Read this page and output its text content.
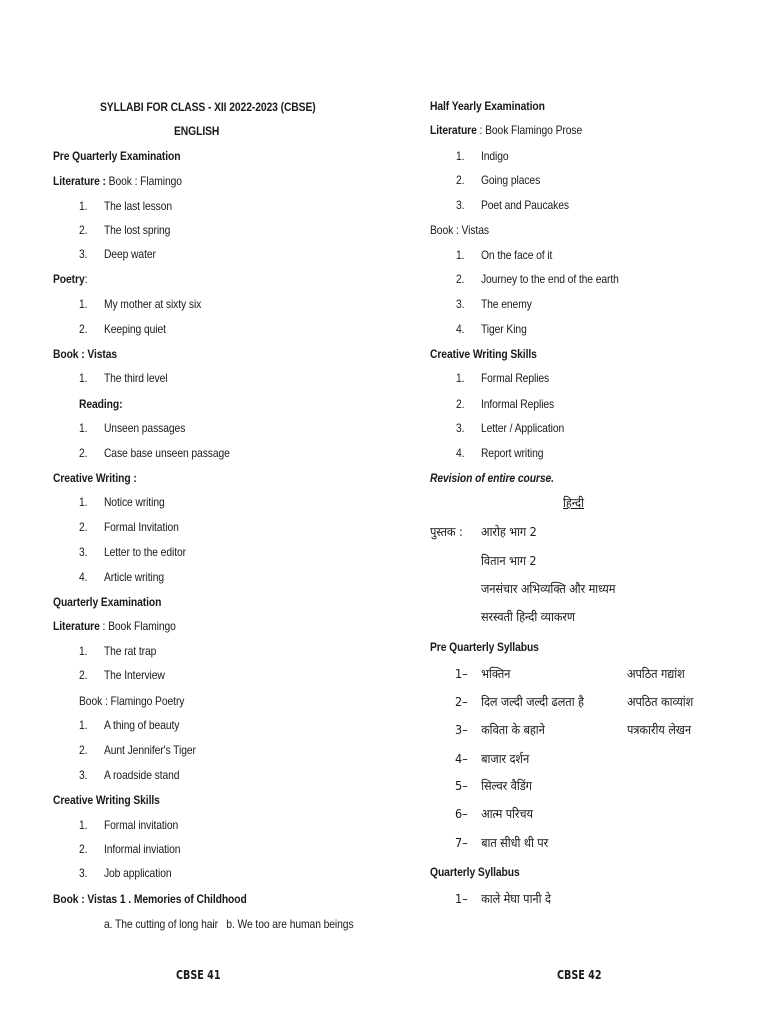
SYLLABI FOR CLASS - XII 2022-2023 (CBSE)
ENGLISH
Pre Quarterly Examination
Literature : Book : Flamingo
1. The last lesson
2. The lost spring
3. Deep water
Poetry:
1. My mother at sixty six
2. Keeping quiet
Book : Vistas
1. The third level
Reading:
1. Unseen passages
2. Case base unseen passage
Creative Writing :
1. Notice writing
2. Formal Invitation
3. Letter to the editor
4. Article writing
Quarterly Examination
Literature : Book Flamingo
1. The rat trap
2. The Interview
Book : Flamingo Poetry
1. A thing of beauty
2. Aunt Jennifer's Tiger
3. A roadside stand
Creative Writing Skills
1. Formal invitation
2. Informal inviation
3. Job application
Book : Vistas 1 . Memories of Childhood
a. The cutting of long hair   b. We too are human beings
CBSE 41
Half Yearly Examination
Literature : Book Flamingo Prose
1. Indigo
2. Going places
3. Poet and Paucakes
Book : Vistas
1. On the face of it
2. Journey to the end of the earth
3. The enemy
4. Tiger King
Creative Writing Skills
1. Formal Replies
2. Informal Replies
3. Letter / Application
4. Report writing
Revision of entire course.
हिन्दी
पुस्तक : आरोह भाग 2
वितान भाग 2
जनसंचार अभिव्यक्ति और माध्यम
सरस्वती हिन्दी व्याकरण
Pre Quarterly Syllabus
1– भक्तिन	अपठित गद्यांश
2– दिल जल्दी जल्दी ढलता है	अपठित काव्यांश
3– कविता के बहाने	पत्रकारीय लेखन
4– बाजार दर्शन
5– सिल्वर वैडिंग
6– आत्म परिचय
7– बात सीधी थी पर
Quarterly Syllabus
1– काले मेघा पानी दे
CBSE 42
